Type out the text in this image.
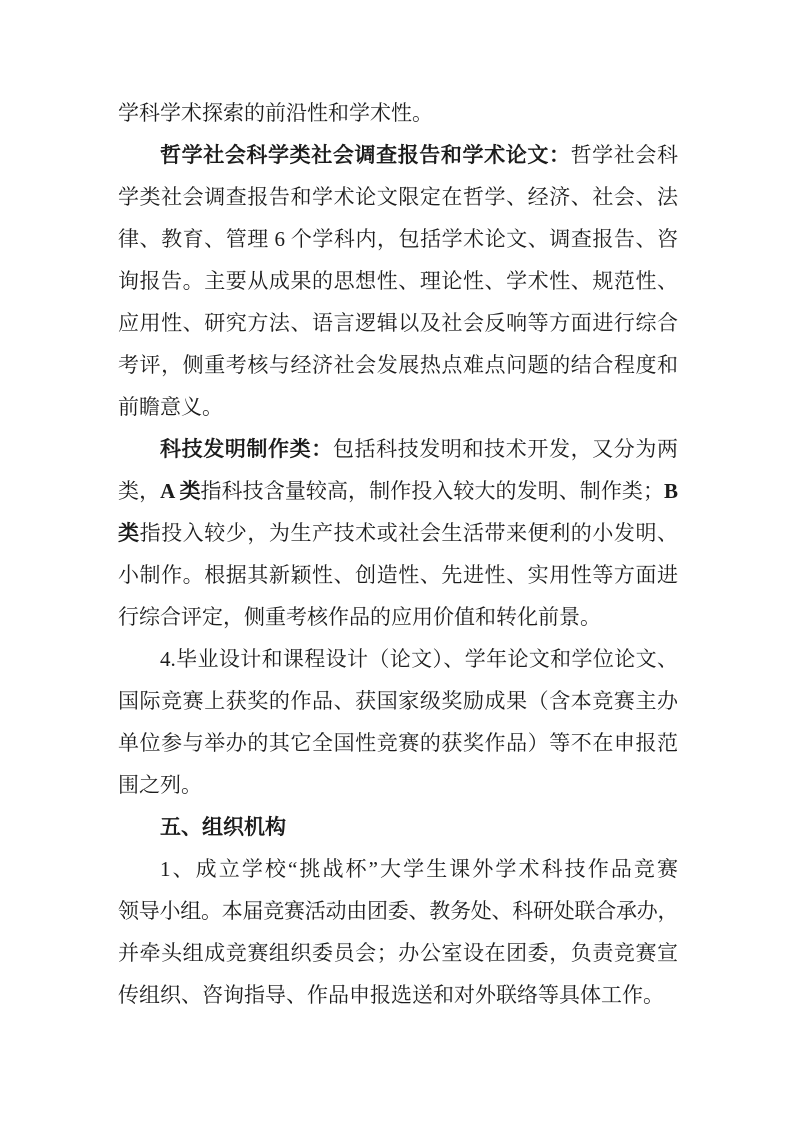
学科学术探索的前沿性和学术性。
哲学社会科学类社会调查报告和学术论文：哲学社会科
学类社会调查报告和学术论文限定在哲学、经济、社会、法
律、教育、管理 6 个学科内，包括学术论文、调查报告、咨
询报告。主要从成果的思想性、理论性、学术性、规范性、
应用性、研究方法、语言逻辑以及社会反响等方面进行综合
考评，侧重考核与经济社会发展热点难点问题的结合程度和
前瞻意义。
科技发明制作类：包括科技发明和技术开发，又分为两
类，A 类指科技含量较高，制作投入较大的发明、制作类；B
类指投入较少，为生产技术或社会生活带来便利的小发明、
小制作。根据其新颖性、创造性、先进性、实用性等方面进
行综合评定，侧重考核作品的应用价值和转化前景。
4.毕业设计和课程设计（论文）、学年论文和学位论文、
国际竞赛上获奖的作品、获国家级奖励成果（含本竞赛主办
单位参与举办的其它全国性竞赛的获奖作品）等不在申报范
围之列。
五、组织机构
1、成立学校“挑战杯”大学生课外学术科技作品竞赛
领导小组。本届竞赛活动由团委、教务处、科研处联合承办，
并牵头组成竞赛组织委员会；办公室设在团委，负责竞赛宣
传组织、咨询指导、作品申报选送和对外联络等具体工作。
